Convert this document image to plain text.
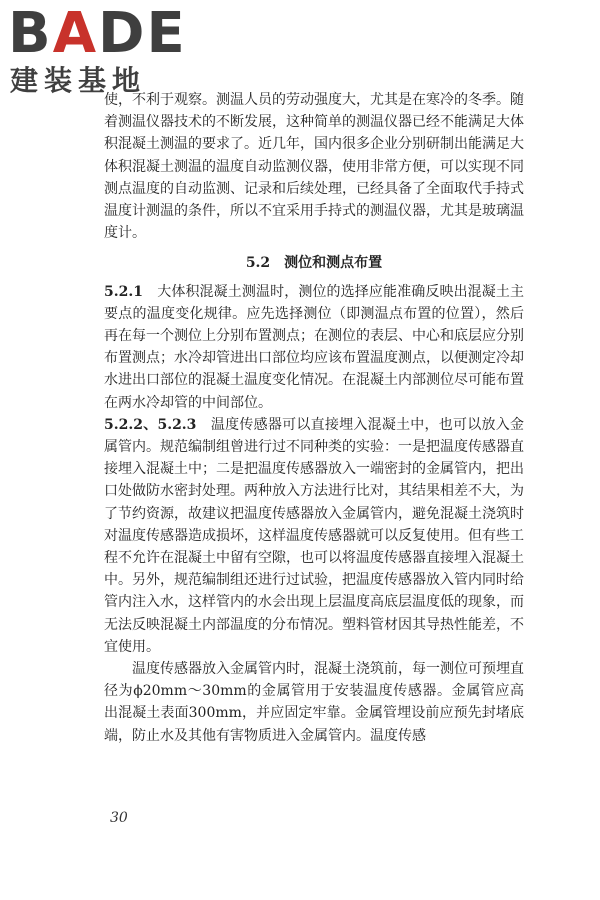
BADE
建装基地

使，不利于观察。测温人员的劳动强度大，尤其是在寒冷的冬季。随着测温仪器技术的不断发展，这种简单的测温仪器已经不能满足大体积混凝土测温的要求了。近几年，国内很多企业分别研制出能满足大体积混凝土测温的温度自动监测仪器，使用非常方便，可以实现不同测点温度的自动监测、记录和后续处理，已经具备了全面取代手持式温度计测温的条件，所以不宜采用手持式的测温仪器，尤其是玻璃温度计。

5.2 测位和测点布置

5.2.1　 大体积混凝土测温时，测位的选择应能准确反映出混凝土主要点的温度变化规律。应先选择测位（即测温点布置的位置），然后再在每一个测位上分别布置测点；在测位的表层、中心和底层应分别布置测点；水冷却管进出口部位均应该布置温度测点，以便测定冷却水进出口部位的混凝土温度变化情况。在混凝土内部测位尽可能布置在两水冷却管的中间部位。

5.2.2、5.2.3　 温度传感器可以直接埋入混凝土中，也可以放入金属管内。规范编制组曾进行过不同种类的实验：一是把温度传感器直接埋入混凝土中；二是把温度传感器放入一端密封的金属管内，把出口处做防水密封处理。两种放入方法进行比对，其结果相差不大，为了节约资源，故建议把温度传感器放入金属管内，避免混凝土浇筑时对温度传感器造成损坏，这样温度传感器就可以反复使用。但有些工程不允许在混凝土中留有空隙，也可以将温度传感器直接埋入混凝土中。另外，规范编制组还进行过试验，把温度传感器放入管内同时给管内注入水，这样管内的水会出现上层温度高底层温度低的现象，而无法反映混凝土内部温度的分布情况。塑料管材因其导热性能差，不宜使用。

温度传感器放入金属管内时，混凝土浇筑前，每一测位可预埋直径为ϕ20mm～30mm的金属管用于安装温度传感器。金属管应高出混凝土表面300mm，并应固定牢靠。金属管埋设前应预先封堵底端，防止水及其他有害物质进入金属管内。温度传感

30
